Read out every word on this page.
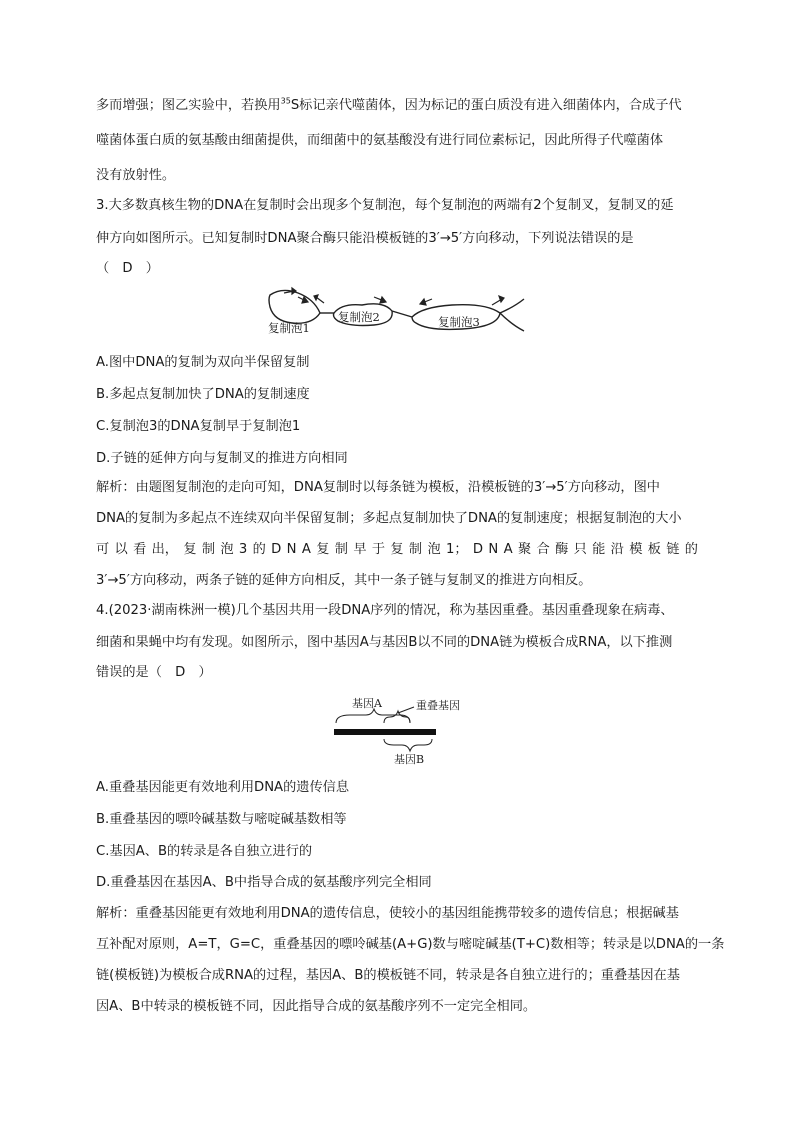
多而增强；图乙实验中，若换用$^{35}$S标记亲代噬菌体，因为标记的蛋白质没有进入细菌体内，合成子代
噬菌体蛋白质的氨基酸由细菌提供，而细菌中的氨基酸没有进行同位素标记，因此所得子代噬菌体
没有放射性。
3.大多数真核生物的DNA在复制时会出现多个复制泡，每个复制泡的两端有2个复制叉，复制叉的延
伸方向如图所示。已知复制时DNA聚合酶只能沿模板链的3′→5′方向移动，下列说法错误的是
（　D　）
复制泡1
复制泡2	复制泡3
A.图中DNA的复制为双向半保留复制
B.多起点复制加快了DNA的复制速度
C.复制泡3的DNA复制早于复制泡1
D.子链的延伸方向与复制叉的推进方向相同
解析：由题图复制泡的走向可知，DNA复制时以每条链为模板，沿模板链的3′→5′方向移动，图中
DNA的复制为多起点不连续双向半保留复制；多起点复制加快了DNA的复制速度；根据复制泡的大小
可 以 看 出， 复 制 泡 3 的 D N A 复 制 早 于 复 制 泡 1； D N A 聚 合 酶 只 能 沿 模 板 链 的
3′→5′方向移动，两条子链的延伸方向相反，其中一条子链与复制叉的推进方向相反。
4.(2023·湖南株洲一模)几个基因共用一段DNA序列的情况，称为基因重叠。基因重叠现象在病毒、
细菌和果蝇中均有发现。如图所示，图中基因A与基因B以不同的DNA链为模板合成RNA，以下推测
错误的是（　D　）
基因A	重叠基因
基因B
A.重叠基因能更有效地利用DNA的遗传信息
B.重叠基因的嘌呤碱基数与嘧啶碱基数相等
C.基因A、B的转录是各自独立进行的
D.重叠基因在基因A、B中指导合成的氨基酸序列完全相同
解析：重叠基因能更有效地利用DNA的遗传信息，使较小的基因组能携带较多的遗传信息；根据碱基
互补配对原则，A=T，G=C，重叠基因的嘌呤碱基(A+G)数与嘧啶碱基(T+C)数相等；转录是以DNA的一条
链(模板链)为模板合成RNA的过程，基因A、B的模板链不同，转录是各自独立进行的；重叠基因在基
因A、B中转录的模板链不同，因此指导合成的氨基酸序列不一定完全相同。
